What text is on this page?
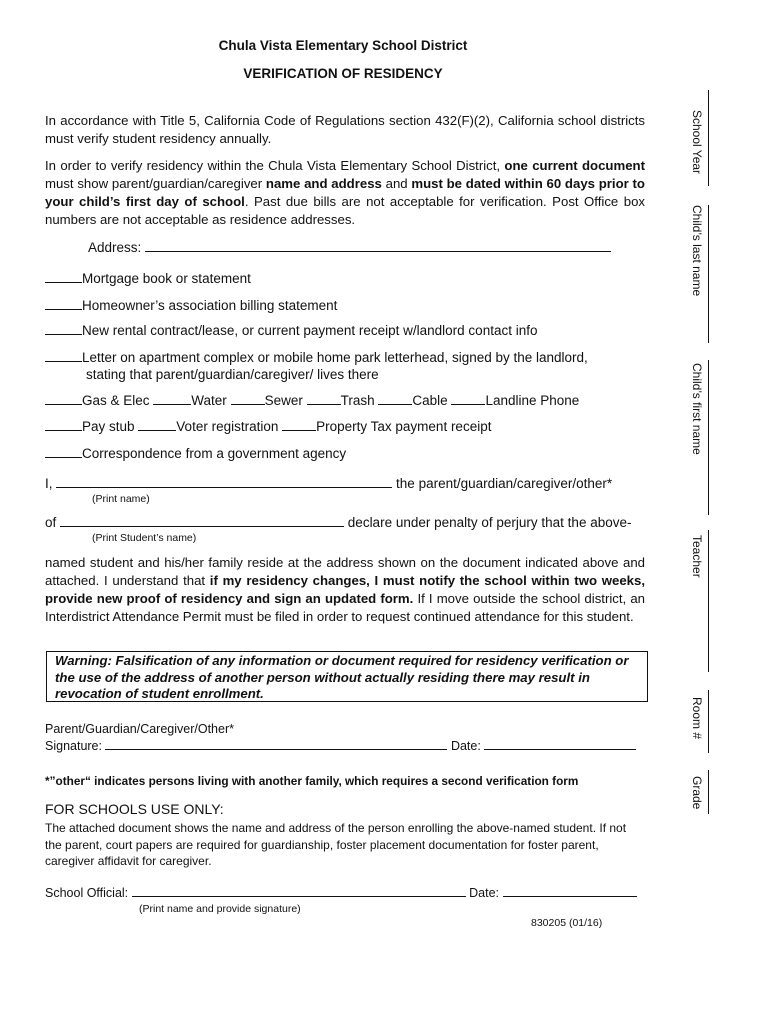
Chula Vista Elementary School District
VERIFICATION OF RESIDENCY
In accordance with Title 5, California Code of Regulations section 432(F)(2), California school districts must verify student residency annually.
In order to verify residency within the Chula Vista Elementary School District, one current document must show parent/guardian/caregiver name and address and must be dated within 60 days prior to your child’s first day of school. Past due bills are not acceptable for verification. Post Office box numbers are not acceptable as residence addresses.
Address:
Mortgage book or statement
Homeowner’s association billing statement
New rental contract/lease, or current payment receipt w/landlord contact info
Letter on apartment complex or mobile home park letterhead, signed by the landlord,
stating that parent/guardian/caregiver/ lives there
Gas & Elec	Water	Sewer	Trash	Cable	Landline Phone
Pay stub	Voter registration	Property Tax payment receipt
Correspondence from a government agency
I,	the parent/guardian/caregiver/other*
(Print name)
of	declare under penalty of perjury that the above-
(Print Student’s name)
named student and his/her family reside at the address shown on the document indicated above and attached. I understand that if my residency changes, I must notify the school within two weeks, provide new proof of residency and sign an updated form. If I move outside the school district, an Interdistrict Attendance Permit must be filed in order to request continued attendance for this student.
Warning: Falsification of any information or document required for residency verification or the use of the address of another person without actually residing there may result in revocation of student enrollment.
Parent/Guardian/Caregiver/Other*
Signature:	Date:
*”other“ indicates persons living with another family, which requires a second verification form
FOR SCHOOLS USE ONLY:
The attached document shows the name and address of the person enrolling the above-named student. If not the parent, court papers are required for guardianship, foster placement documentation for foster parent, caregiver affidavit for caregiver.
School Official:	Date:
(Print name and provide signature)
830205 (01/16)
School Year
Child’s last name
Child’s first name
Teacher
Room #
Grade
